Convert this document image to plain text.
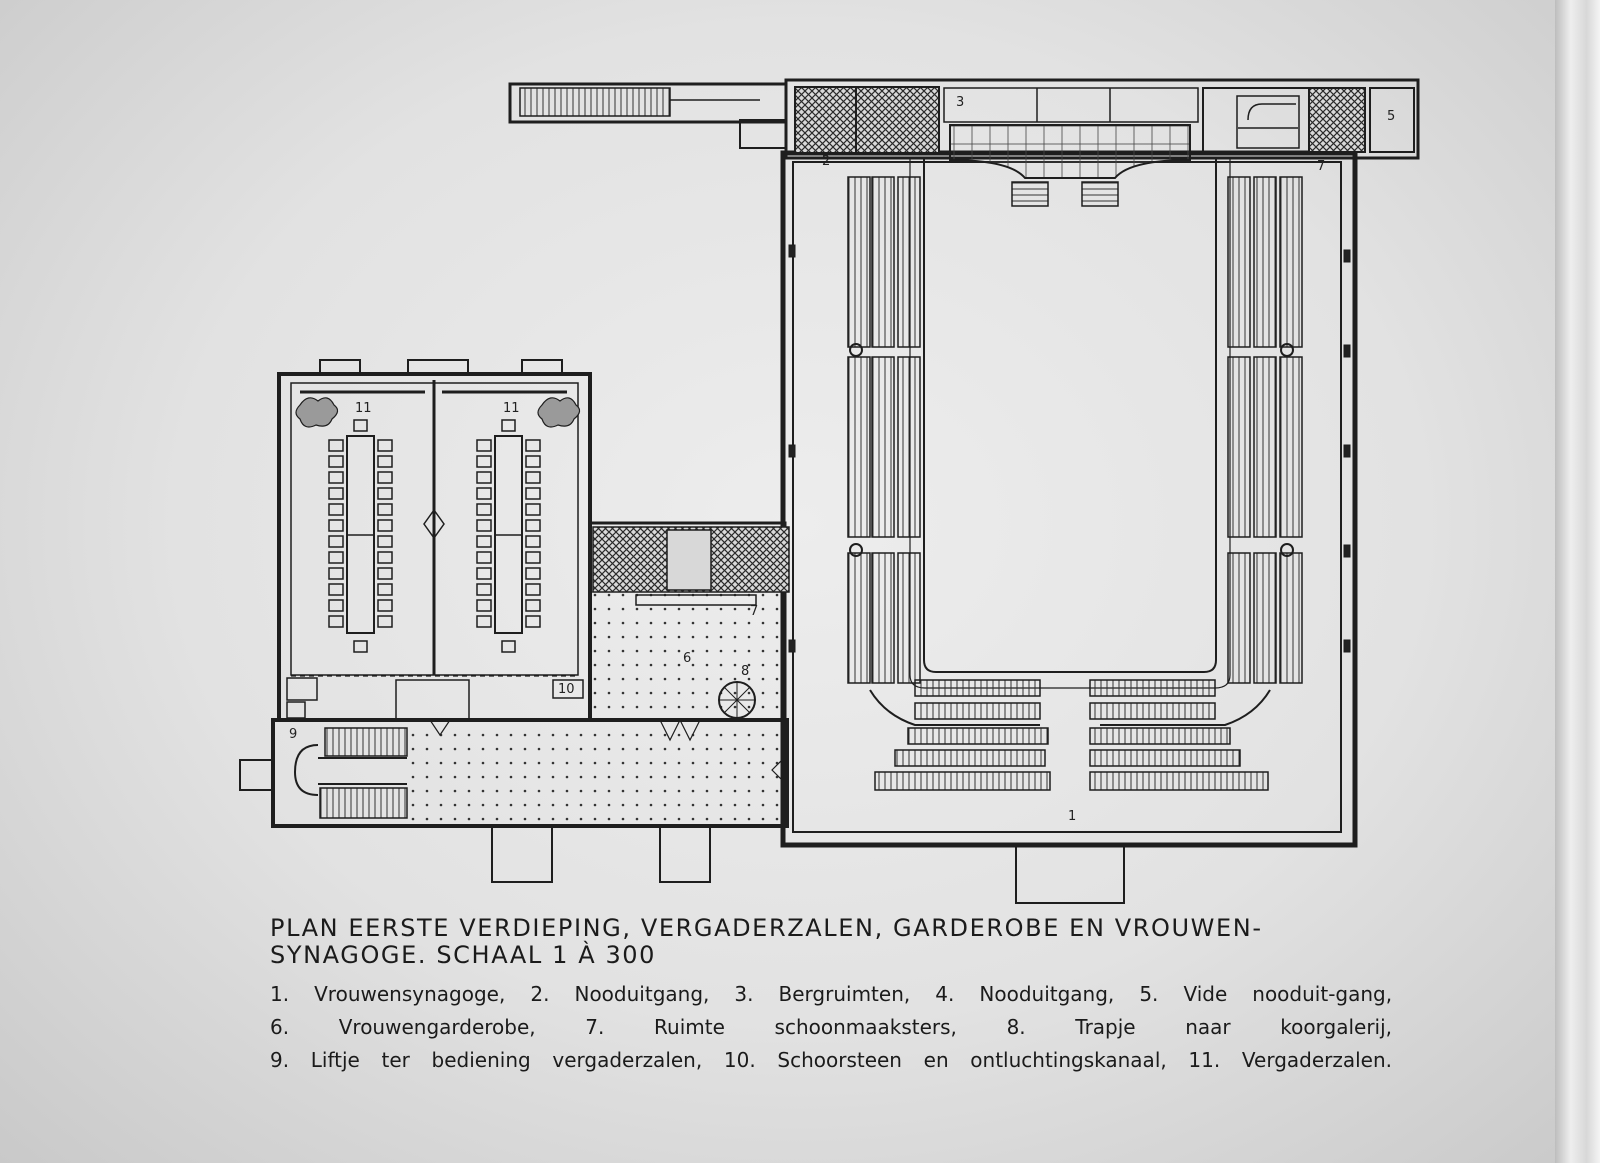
1
2
3
5
6
7
7
8
9
10
11	11
PLAN EERSTE VERDIEPING, VERGADERZALEN, GARDEROBE EN VROUWEN-
SYNAGOGE. SCHAAL 1 À 300
1. Vrouwensynagoge, 2. Nooduitgang, 3. Bergruimten, 4. Nooduitgang, 5. Vide nooduit-gang, 6. Vrouwengarderobe, 7. Ruimte schoonmaaksters, 8. Trapje naar koorgalerij, 9. Liftje ter bediening vergaderzalen, 10. Schoorsteen en ontluchtingskanaal, 11. Vergaderzalen.
